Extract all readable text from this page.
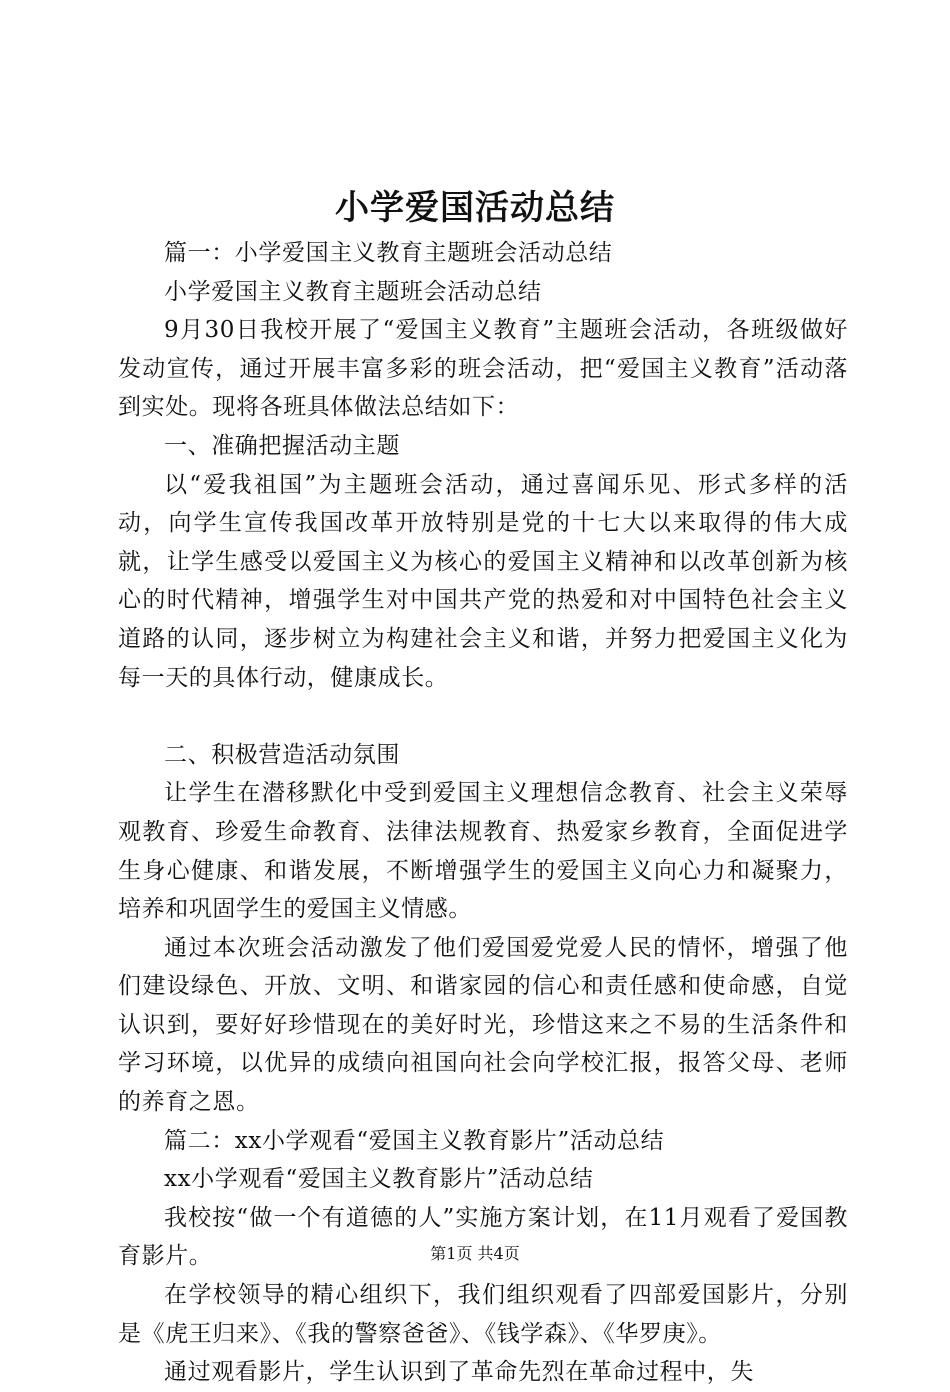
小学爱国活动总结

篇一：小学爱国主义教育主题班会活动总结

小学爱国主义教育主题班会活动总结

9月30日我校开展了“爱国主义教育”主题班会活动，各班级做好发动宣传，通过开展丰富多彩的班会活动，把“爱国主义教育”活动落到实处。现将各班具体做法总结如下：

一、准确把握活动主题

以“爱我祖国”为主题班会活动，通过喜闻乐见、形式多样的活动，向学生宣传我国改革开放特别是党的十七大以来取得的伟大成就，让学生感受以爱国主义为核心的爱国主义精神和以改革创新为核心的时代精神，增强学生对中国共产党的热爱和对中国特色社会主义道路的认同，逐步树立为构建社会主义和谐，并努力把爱国主义化为每一天的具体行动，健康成长。

二、积极营造活动氛围

让学生在潜移默化中受到爱国主义理想信念教育、社会主义荣辱观教育、珍爱生命教育、法律法规教育、热爱家乡教育，全面促进学生身心健康、和谐发展，不断增强学生的爱国主义向心力和凝聚力，培养和巩固学生的爱国主义情感。

通过本次班会活动激发了他们爱国爱党爱人民的情怀，增强了他们建设绿色、开放、文明、和谐家园的信心和责任感和使命感，自觉认识到，要好好珍惜现在的美好时光，珍惜这来之不易的生活条件和学习环境，以优异的成绩向祖国向社会向学校汇报，报答父母、老师的养育之恩。

篇二：xx小学观看“爱国主义教育影片”活动总结

xx小学观看“爱国主义教育影片”活动总结

我校按“做一个有道德的人”实施方案计划，在11月观看了爱国教育影片。

在学校领导的精心组织下，我们组织观看了四部爱国影片，分别是《虎王归来》、《我的警察爸爸》、《钱学森》、《华罗庚》。

通过观看影片，学生认识到了革命先烈在革命过程中，失

第1页 共4页
